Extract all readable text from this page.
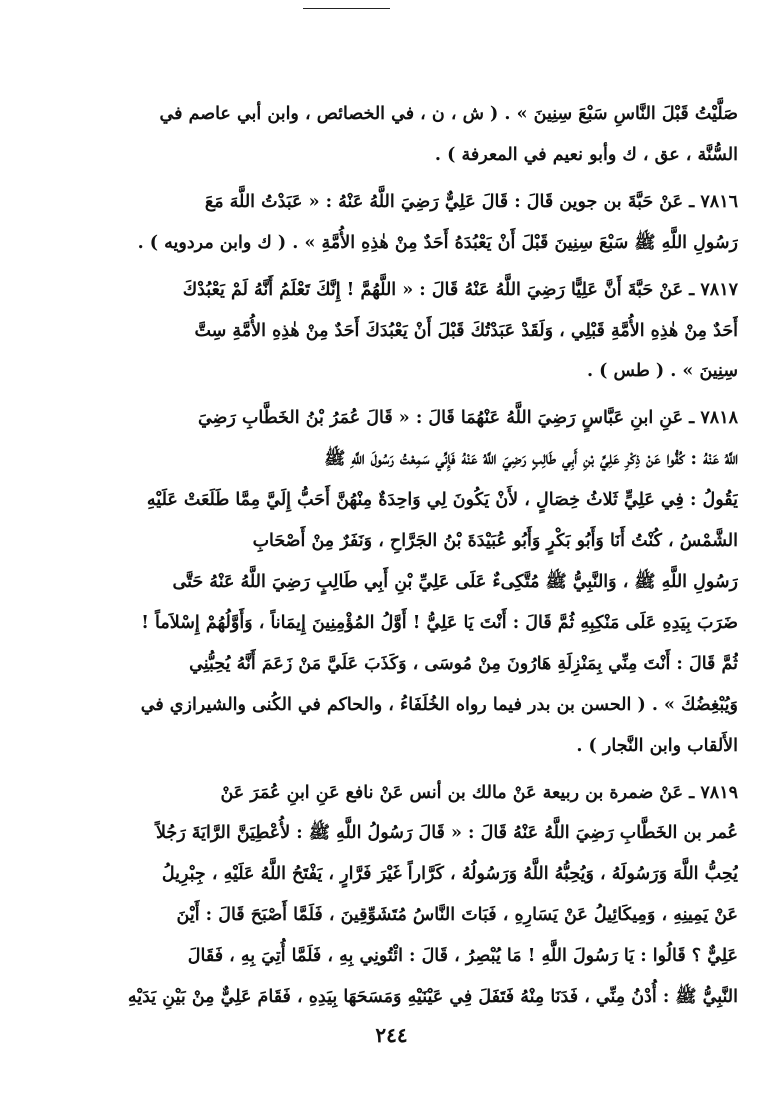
صَلَّيْتُ قَبْلَ النَّاسِ سَبْعَ سِنِينَ » . ( ش ، ن ، في الخصائص ، وابن أبي عاصم في
السُّنَّة ، عق ، ك وأبو نعيم في المعرفة ) .
٧٨١٦ ـ عَنْ حَبَّةَ بن جوين قَالَ : قَالَ عَلِيٌّ رَضِيَ اللَّهُ عَنْهُ : « عَبَدْتُ اللَّهَ مَعَ
رَسُولِ اللَّهِ ﷺ سَبْعَ سِنِينَ قَبْلَ أَنْ يَعْبُدَهُ أَحَدٌ مِنْ هٰذِهِ الأُمَّةِ » . ( ك وابن مردويه ) .
٧٨١٧ ـ عَنْ حَبَّةَ أَنَّ عَلِيًّا رَضِيَ اللَّهُ عَنْهُ قَالَ : « اللَّهُمَّ ! إِنَّكَ تَعْلَمُ أَنَّهُ لَمْ يَعْبُدْكَ
أَحَدٌ مِنْ هٰذِهِ الأُمَّةِ قَبْلِي ، وَلَقَدْ عَبَدْتُكَ قَبْلَ أَنْ يَعْبُدَكَ أَحَدٌ مِنْ هٰذِهِ الأُمَّةِ سِتَّ
سِنِينَ » . ( طس ) .
٧٨١٨ ـ عَنِ ابنِ عَبَّاسٍ رَضِيَ اللَّهُ عَنْهُمَا قَالَ : « قَالَ عُمَرُ بْنُ الخَطَّابِ رَضِيَ
اللَّهُ عَنْهُ : كُفُّوا عَنْ ذِكْرِ عَلِيِّ بْنِ أَبِي طَالِبٍ رَضِيَ اللَّهُ عَنْهُ فَإِنِّي سَمِعْتُ رَسُولَ اللَّهِ ﷺ
يَقُولُ : فِي عَلِيٍّ ثَلاثُ خِصَالٍ ، لأَنْ يَكُونَ لِي وَاحِدَةٌ مِنْهُنَّ أَحَبُّ إِلَيَّ مِمَّا طَلَعَتْ عَلَيْهِ
الشَّمْسُ ، كُنْتُ أَنَا وَأَبُو بَكْرٍ وَأَبُو عُبَيْدَةَ بْنُ الجَرَّاحِ ، وَنَفَرٌ مِنْ أَصْحَابِ
رَسُولِ اللَّهِ ﷺ ، وَالنَّبِيُّ ﷺ مُتَّكِىءٌ عَلَى عَلِيِّ بْنِ أَبِي طَالِبٍ رَضِيَ اللَّهُ عَنْهُ حَتَّى
ضَرَبَ بِيَدِهِ عَلَى مَنْكِبِهِ ثُمَّ قَالَ : أَنْتَ يَا عَلِيُّ ! أَوَّلُ المُؤْمِنِينَ إِيمَاناً ، وَأَوَّلُهُمْ إِسْلاَماً !
ثُمَّ قَالَ : أَنْتَ مِنِّي بِمَنْزِلَةِ هَارُونَ مِنْ مُوسَى ، وَكَذَبَ عَلَيَّ مَنْ زَعَمَ أَنَّهُ يُحِبُّنِي
وَيُبْغِضُكَ » . ( الحسن بن بدر فيما رواه الخُلَفَاءُ ، والحاكم في الكُنى والشيرازي في
الأَلقاب وابن النَّجار ) .
٧٨١٩ ـ عَنْ ضمرة بن ربيعة عَنْ مالك بن أنس عَنْ نافع عَنِ ابنِ عُمَرَ عَنْ
عُمر بن الخَطَّابِ رَضِيَ اللَّهُ عَنْهُ قَالَ : « قَالَ رَسُولُ اللَّهِ ﷺ : لأُعْطِيَنَّ الرَّايَةَ رَجُلاً
يُحِبُّ اللَّهَ وَرَسُولَهُ ، وَيُحِبُّهُ اللَّهُ وَرَسُولُهُ ، كَرَّاراً غَيْرَ فَرَّارٍ ، يَفْتَحُ اللَّهُ عَلَيْهِ ، جِبْرِيلُ
عَنْ يَمِينِهِ ، وَمِيكَائِيلُ عَنْ يَسَارِهِ ، فَبَاتَ النَّاسُ مُتَشَوِّقِينَ ، فَلَمَّا أَصْبَحَ قَالَ : أَيْنَ
عَلِيٌّ ؟ قَالُوا : يَا رَسُولَ اللَّهِ ! مَا يُبْصِرُ ، قَالَ : ائْتُونِي بِهِ ، فَلَمَّا أُتِيَ بِهِ ، فَقَالَ
النَّبِيُّ ﷺ : أُدْنُ مِنِّي ، فَدَنَا مِنْهُ فَتَفَلَ فِي عَيْنَيْهِ وَمَسَحَهَا بِيَدِهِ ، فَقَامَ عَلِيٌّ مِنْ بَيْنِ يَدَيْهِ
٢٤٤
